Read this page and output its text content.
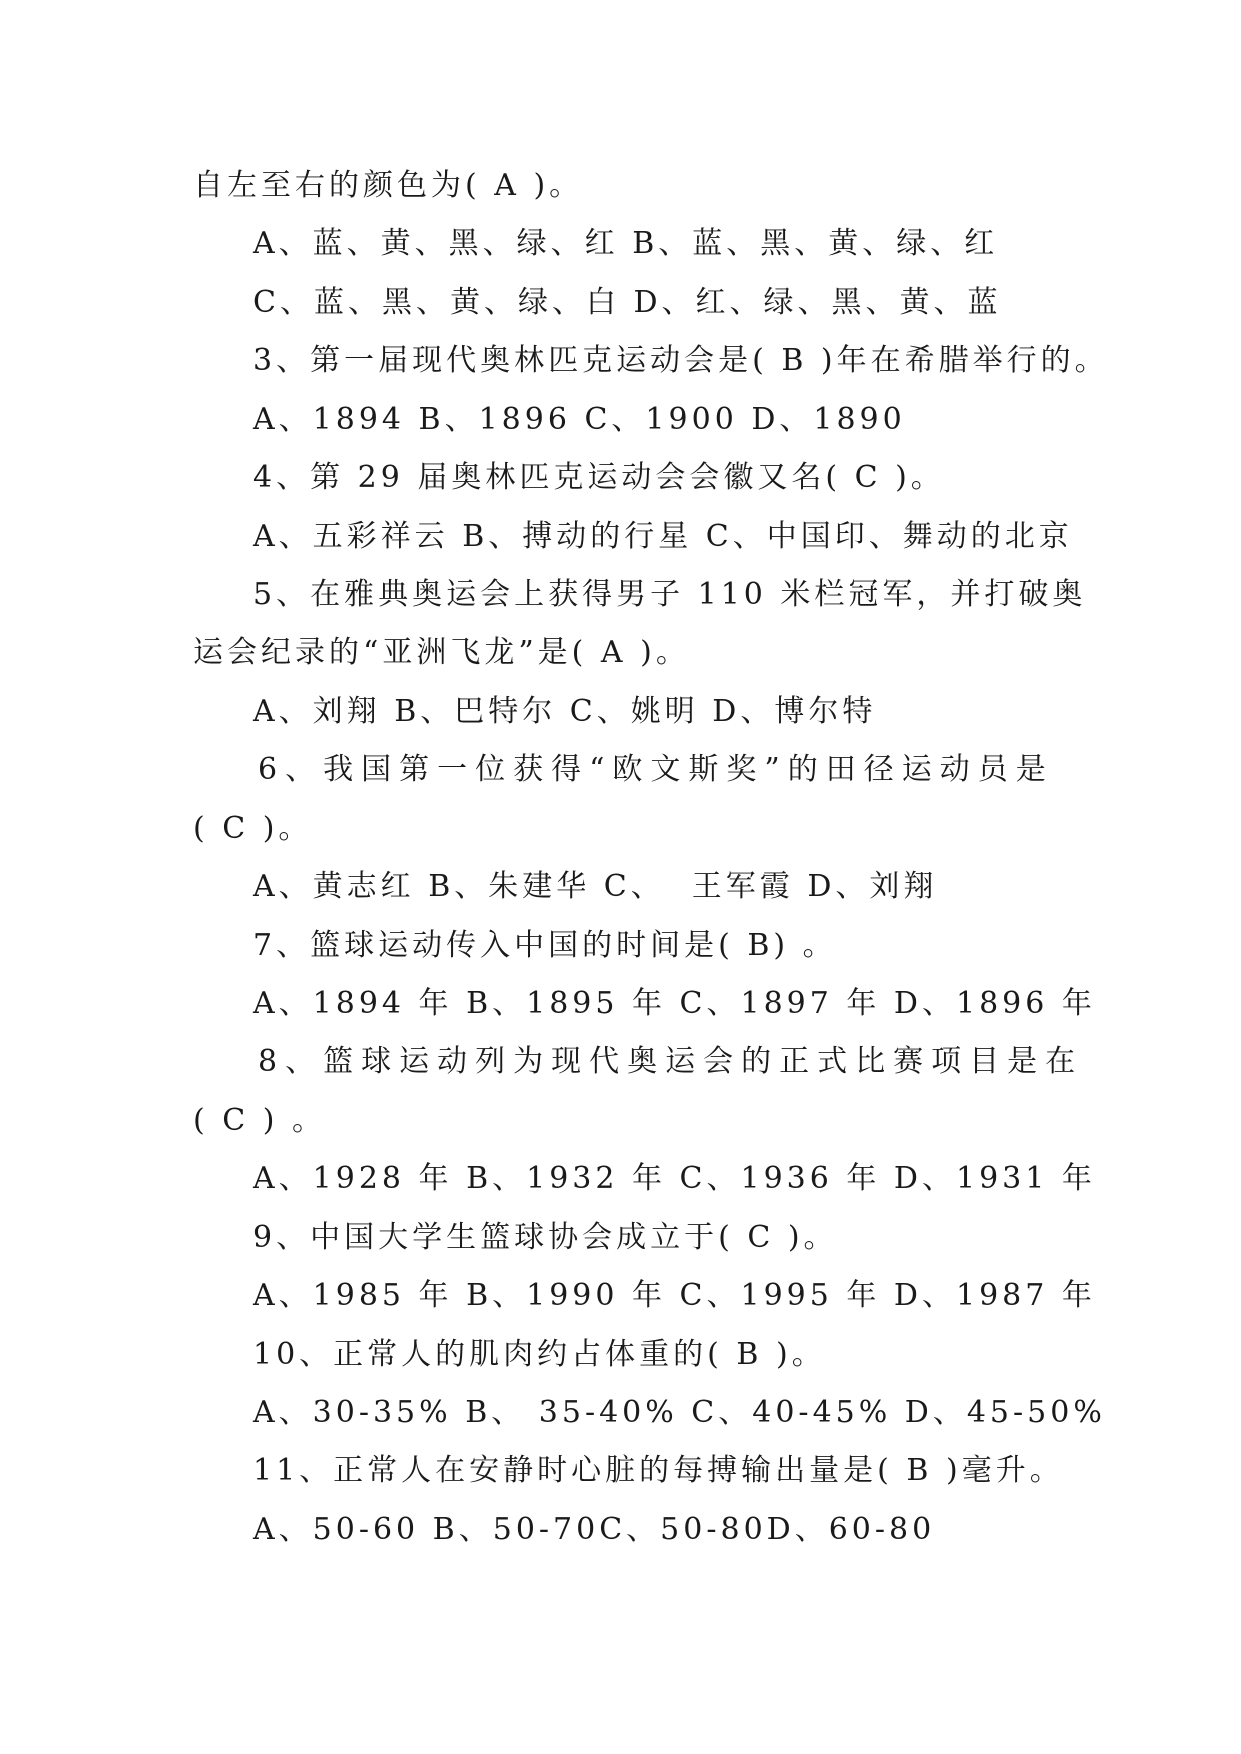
自左至右的颜色为( A )。
A、蓝、黄、黑、绿、红 B、蓝、黑、黄、绿、红
C、蓝、黑、黄、绿、白 D、红、绿、黑、黄、蓝
3、第一届现代奥林匹克运动会是( B )年在希腊举行的。
A、1894 B、1896 C、1900 D、1890
4、第 29 届奥林匹克运动会会徽又名( C )。
A、五彩祥云 B、搏动的行星 C、中国印、舞动的北京
5、在雅典奥运会上获得男子 110 米栏冠军，并打破奥
运会纪录的“亚洲飞龙”是( A )。
A、刘翔 B、巴特尔 C、姚明 D、博尔特
6、我国第一位获得“欧文斯奖”的田径运动员是
( C )。
A、黄志红 B、朱建华 C、  王军霞 D、刘翔
7、篮球运动传入中国的时间是( B) 。
A、1894 年 B、1895 年 C、1897 年 D、1896 年
8、篮球运动列为现代奥运会的正式比赛项目是在
( C ) 。
A、1928 年 B、1932 年 C、1936 年 D、1931 年
9、中国大学生篮球协会成立于( C )。
A、1985 年 B、1990 年 C、1995 年 D、1987 年
10、正常人的肌肉约占体重的( B )。
A、30-35% B、 35-40% C、40-45% D、45-50%
11、正常人在安静时心脏的每搏输出量是( B )毫升。
A、50-60 B、50-70C、50-80D、60-80
